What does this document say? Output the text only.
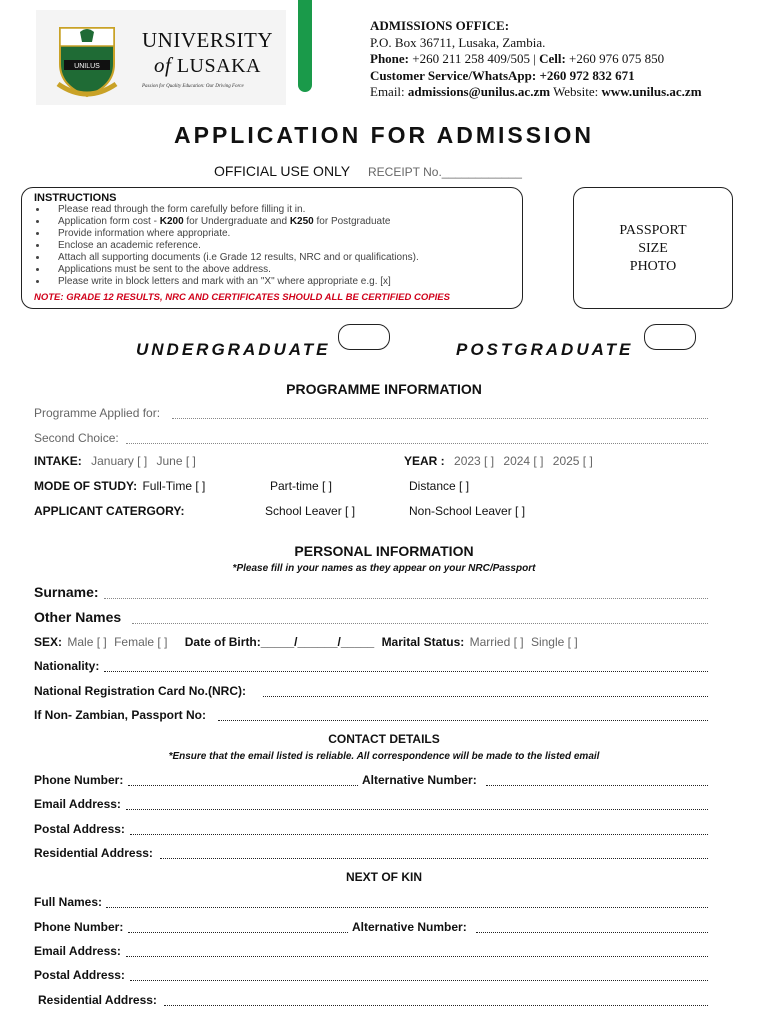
UNILUS
UNIVERSITY
of LUSAKA
Passion for Quality Education: Our Driving Force
ADMISSIONS OFFICE:
P.O. Box 36711, Lusaka, Zambia.
Phone: +260 211 258 409/505 | Cell: +260 976 075 850
Customer Service/WhatsApp: +260 972 832 671
Email: admissions@unilus.ac.zm Website: www.unilus.ac.zm
APPLICATION FOR ADMISSION
OFFICIAL USE ONLY RECEIPT No.____________
INSTRUCTIONS
• Please read through the form carefully before filling it in.
• Application form cost - K200 for Undergraduate and K250 for Postgraduate
• Provide information where appropriate.
• Enclose an academic reference.
• Attach all supporting documents (i.e Grade 12 results, NRC and or qualifications).
• Applications must be sent to the above address.
• Please write in block letters and mark with an "X" where appropriate e.g. [x]
NOTE: GRADE 12 RESULTS, NRC AND CERTIFICATES SHOULD ALL BE CERTIFIED COPIES
PASSPORT
SIZE
PHOTO
UNDERGRADUATE	POSTGRADUATE
PROGRAMME INFORMATION
Programme Applied for:
Second Choice:
INTAKE: January [ ] June [ ]	YEAR : 2023 [ ] 2024 [ ] 2025 [ ]
MODE OF STUDY: Full-Time [ ]	Part-time [ ]	Distance [ ]
APPLICANT CATERGORY:	School Leaver [ ]	Non-School Leaver [ ]
PERSONAL INFORMATION
*Please fill in your names as they appear on your NRC/Passport
Surname:
Other Names
SEX: Male [ ] Female [ ] Date of Birth:_____/______/_____ Marital Status: Married [ ] Single [ ]
Nationality:
National Registration Card No.(NRC):
If Non- Zambian, Passport No:
CONTACT DETAILS
*Ensure that the email listed is reliable. All correspondence will be made to the listed email
Phone Number:	Alternative Number:
Email Address:
Postal Address:
Residential Address:
NEXT OF KIN
Full Names:
Phone Number:	Alternative Number:
Email Address:
Postal Address:
Residential Address:
